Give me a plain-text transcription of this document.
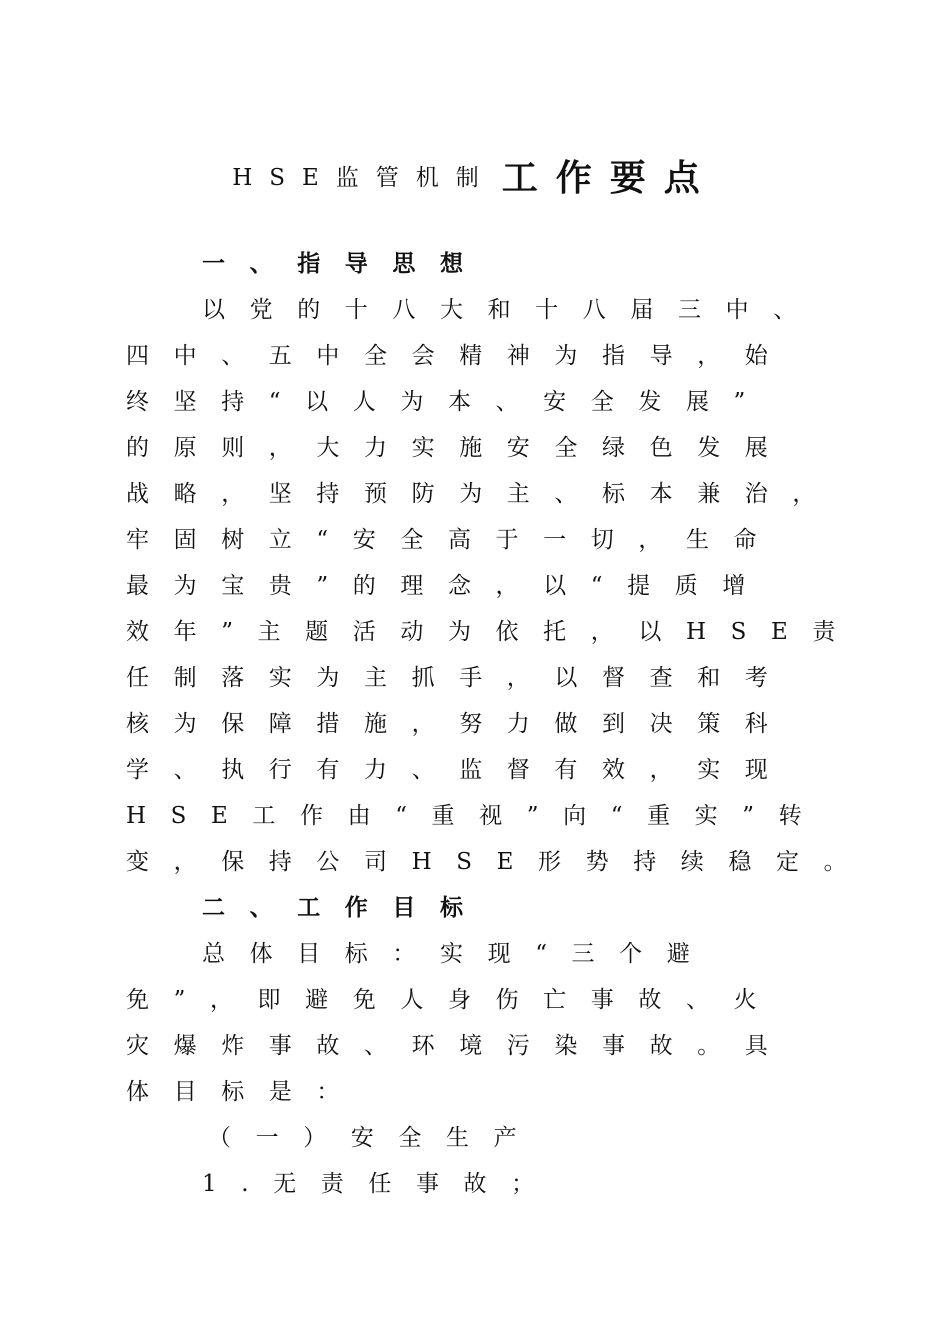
HSE监管机制 工作要点
一、指导思想
以党的十八大和十八届三中、
四中、五中全会精神为指导，始
终坚持“以人为本、安全发展”
的原则，大力实施安全绿色发展
战略，坚持预防为主、标本兼治，
牢固树立“安全高于一切，生命
最为宝贵”的理念，以“提质增
效年”主题活动为依托，以HSE责
任制落实为主抓手，以督查和考
核为保障措施，努力做到决策科
学、执行有力、监督有效，实现
HSE工作由“重视”向“重实”转
变，保持公司HSE形势持续稳定。
二、工作目标
总体目标：实现“三个避
免”，即避免人身伤亡事故、火
灾爆炸事故、环境污染事故。具
体目标是：
（一）安全生产
1.无责任事故；
